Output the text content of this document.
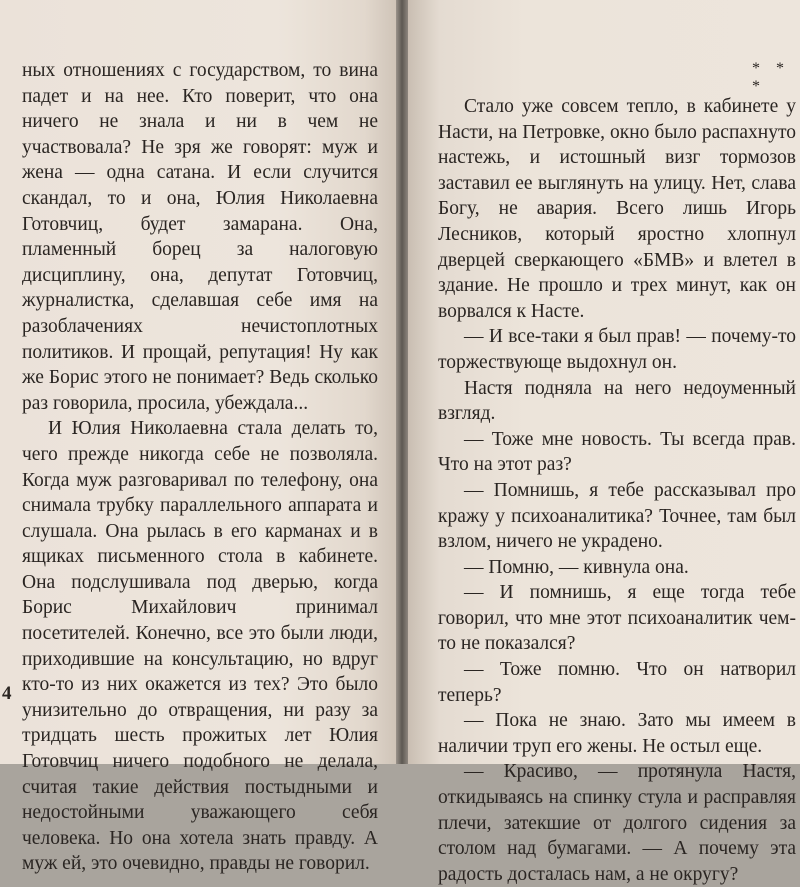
ных отношениях с государством, то вина падет и на нее. Кто поверит, что она ничего не знала и ни в чем не участвовала? Не зря же говорят: муж и жена — одна сатана. И если случится скандал, то и она, Юлия Николаевна Готовчиц, будет замарана. Она, пламенный борец за налоговую дисциплину, она, депутат Готовчиц, журналистка, сделавшая себе имя на разоблачениях нечистоплотных политиков. И прощай, репутация! Ну как же Борис этого не понимает? Ведь сколько раз говорила, просила, убеждала...

И Юлия Николаевна стала делать то, чего прежде никогда себе не позволяла. Когда муж разговаривал по телефону, она снимала трубку параллельного аппарата и слушала. Она рылась в его карманах и в ящиках письменного стола в кабинете. Она подслушивала под дверью, когда Борис Михайлович принимал посетителей. Конечно, все это были люди, приходившие на консультацию, но вдруг кто-то из них окажется из тех? Это было унизительно до отвращения, ни разу за тридцать шесть прожитых лет Юлия Готовчиц ничего подобного не делала, считая такие действия постыдными и недостойными уважающего себя человека. Но она хотела знать правду. А муж ей, это очевидно, правды не говорил.

4
* * *

Стало уже совсем тепло, в кабинете у Насти, на Петровке, окно было распахнуто настежь, и истошный визг тормозов заставил ее выглянуть на улицу. Нет, слава Богу, не авария. Всего лишь Игорь Лесников, который яростно хлопнул дверцей сверкающего «БМВ» и влетел в здание. Не прошло и трех минут, как он ворвался к Насте.

— И все-таки я был прав! — почему-то торжествующе выдохнул он.

Настя подняла на него недоуменный взгляд.

— Тоже мне новость. Ты всегда прав. Что на этот раз?

— Помнишь, я тебе рассказывал про кражу у психоаналитика? Точнее, там был взлом, ничего не украдено.

— Помню, — кивнула она.

— И помнишь, я еще тогда тебе говорил, что мне этот психоаналитик чем-то не показался?

— Тоже помню. Что он натворил теперь?

— Пока не знаю. Зато мы имеем в наличии труп его жены. Не остыл еще.

— Красиво, — протянула Настя, откидываясь на спинку стула и расправляя плечи, затекшие от долгого сидения за столом над бумагами. — А почему эта радость досталась нам, а не округу?
